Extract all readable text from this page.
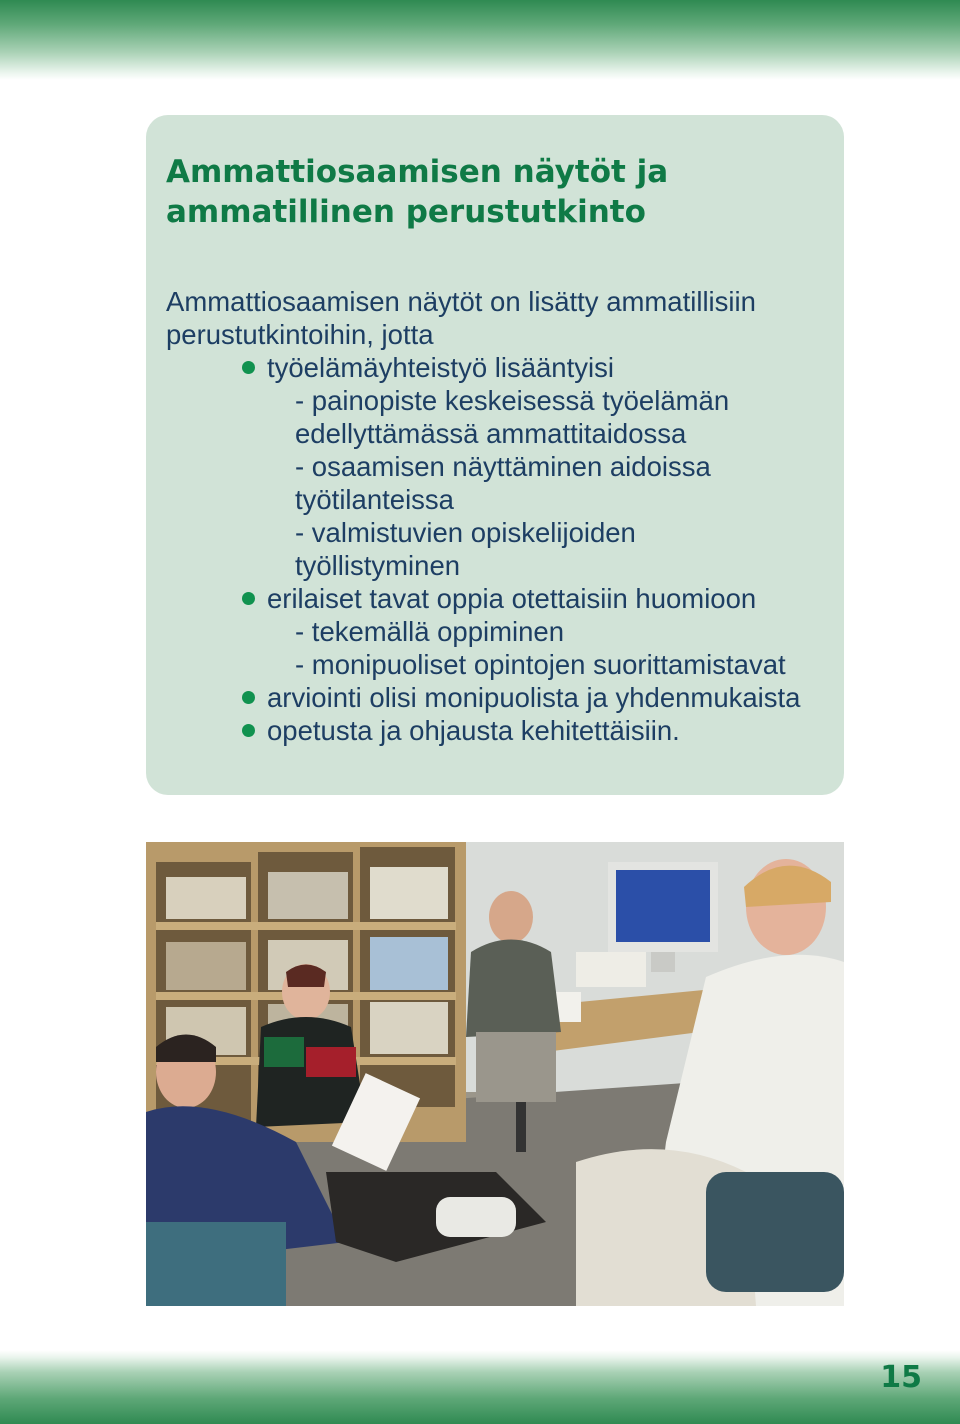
Ammattiosaamisen näytöt ja
ammatillinen perustutkinto
Ammattiosaamisen näytöt on lisätty ammatillisiin
perustutkintoihin, jotta
työelämäyhteistyö lisääntyisi
- painopiste keskeisessä työelämän
edellyttämässä ammattitaidossa
- osaamisen näyttäminen aidoissa
työtilanteissa
- valmistuvien opiskelijoiden
työllistyminen
erilaiset tavat oppia otettaisiin huomioon
- tekemällä oppiminen
- monipuoliset opintojen suorittamistavat
arviointi olisi monipuolista ja yhdenmukaista
opetusta ja ohjausta kehitettäisiin.
15
